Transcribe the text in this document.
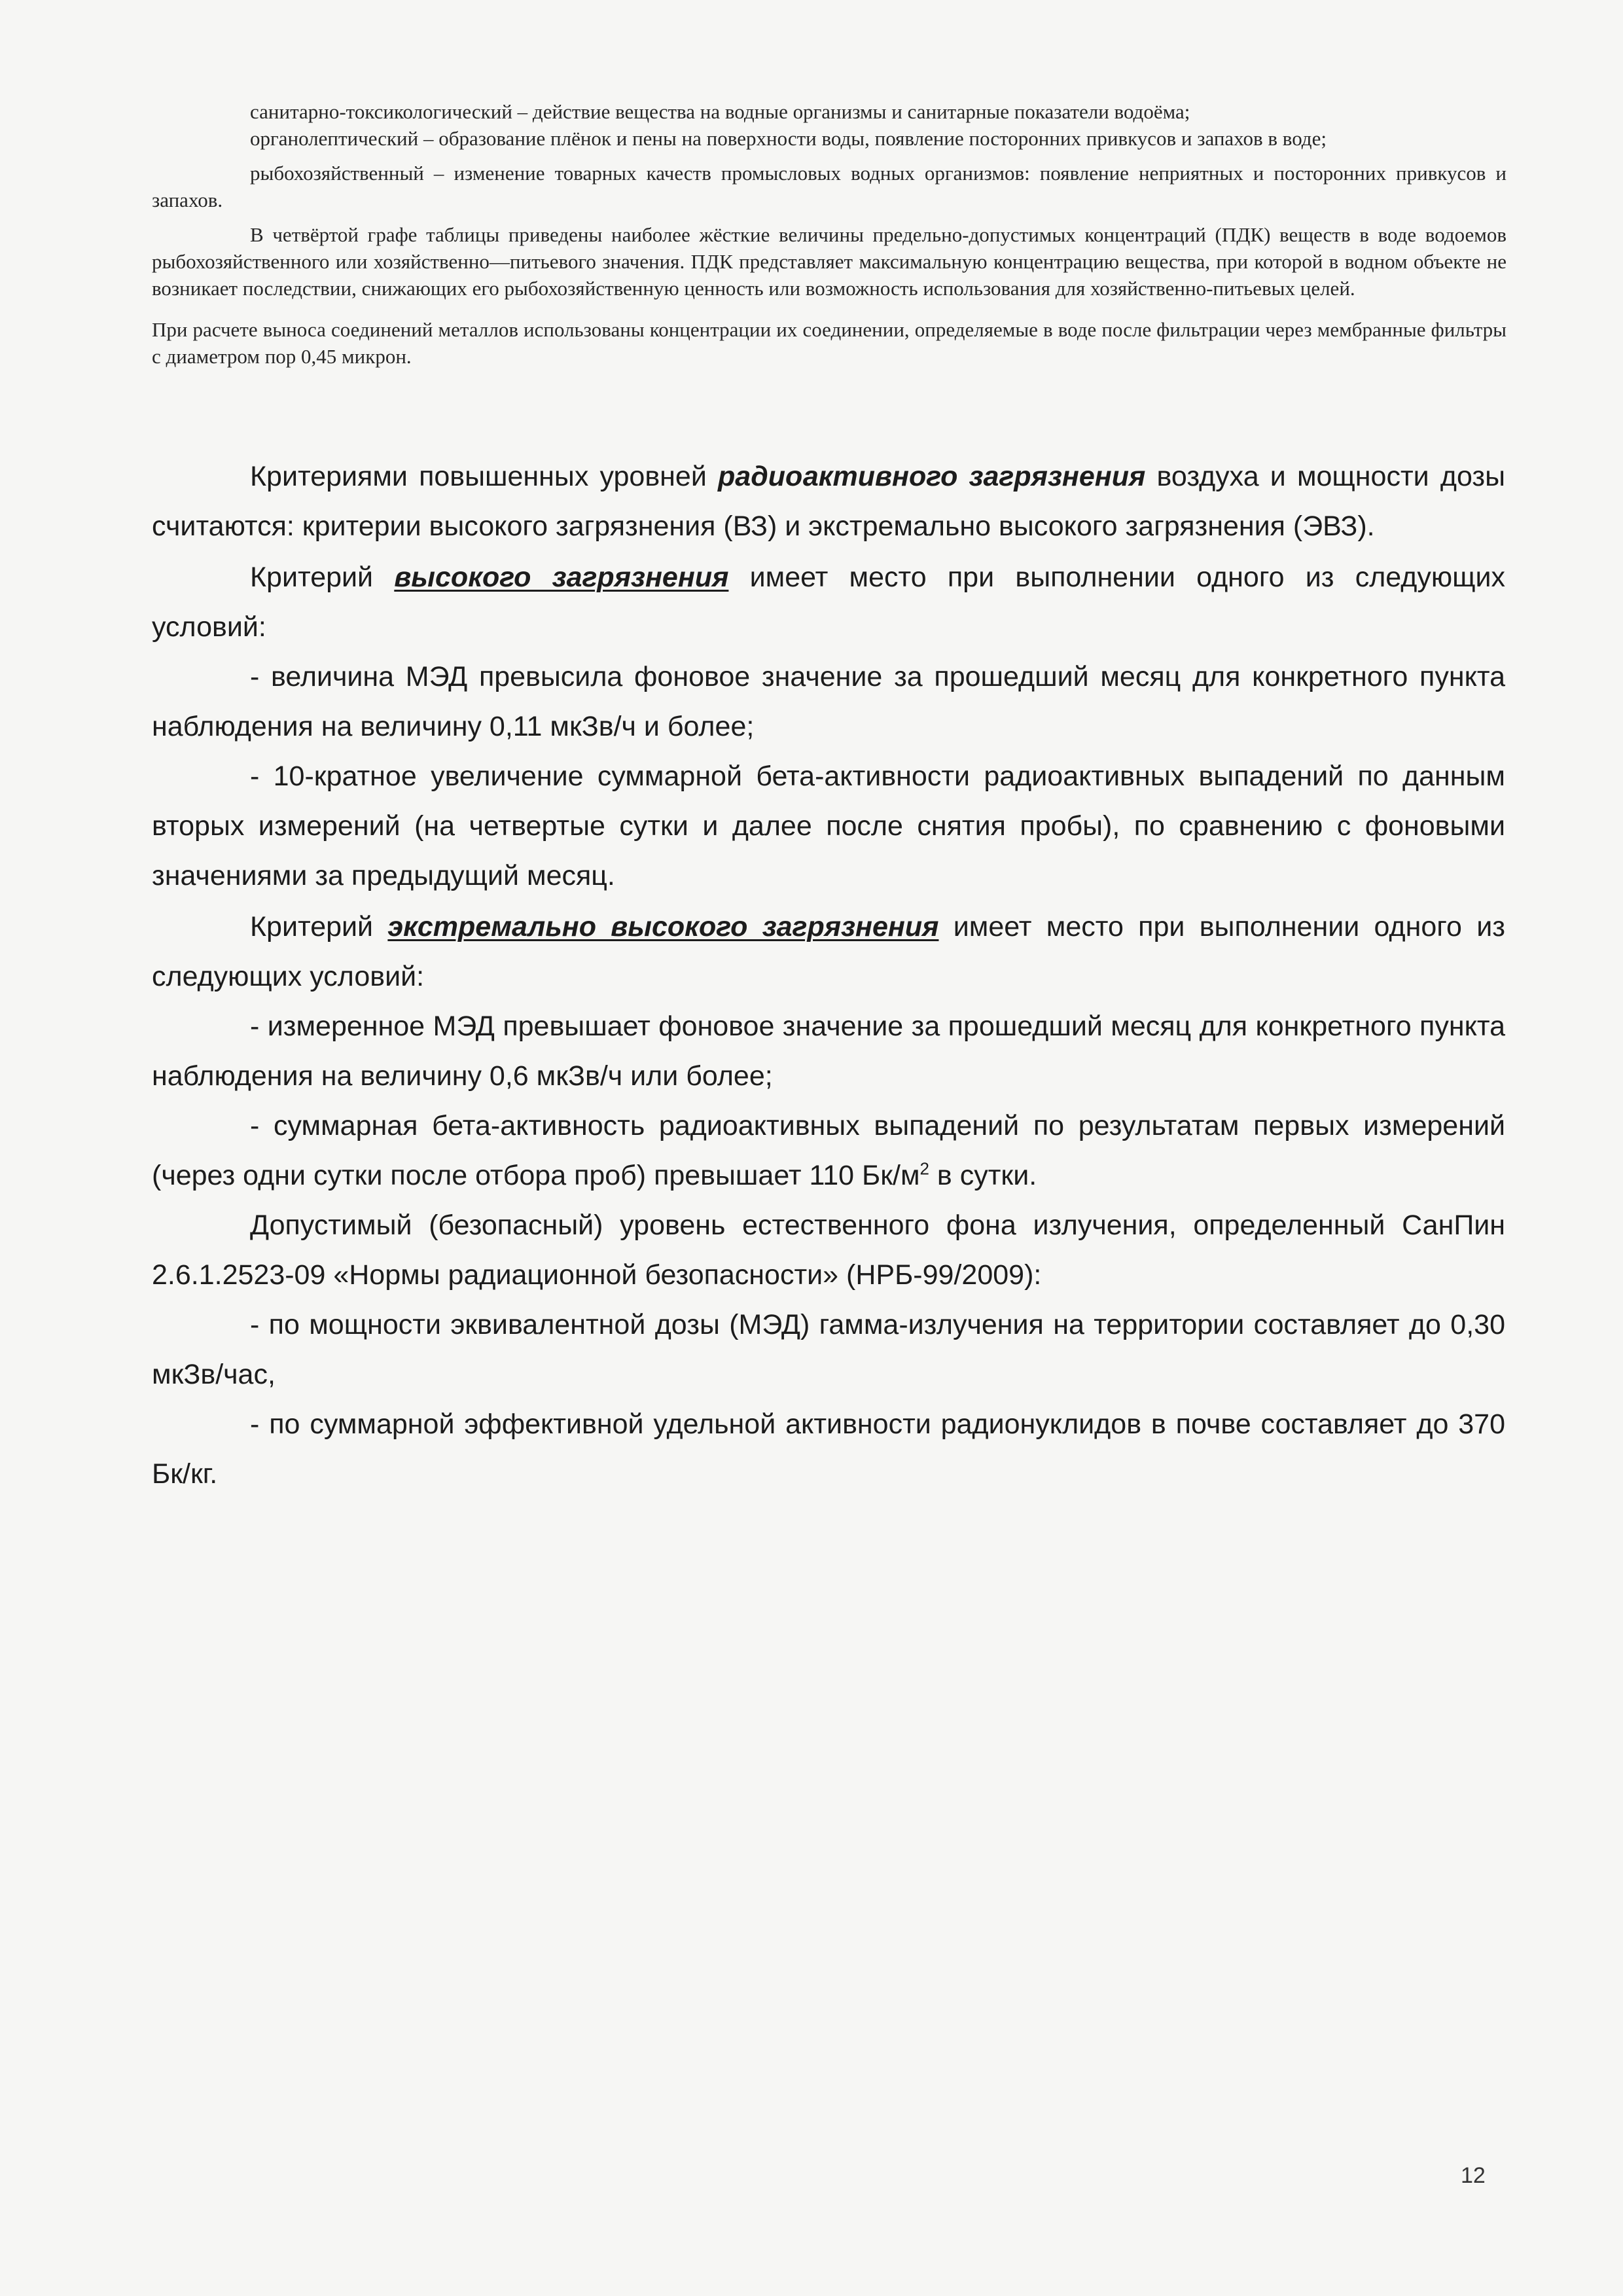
санитарно-токсикологический – действие вещества на водные организмы и санитарные показатели водоёма;

органолептический – образование плёнок и пены на поверхности воды, появление посторонних привкусов и запахов в воде;

рыбохозяйственный – изменение товарных качеств промысловых водных организмов: появление неприятных и посторонних привкусов и запахов.

В четвёртой графе таблицы приведены наиболее жёсткие величины предельно-допустимых концентраций (ПДК) веществ в воде водоемов рыбохозяйственного или хозяйственно—питьевого значения. ПДК представляет максимальную концентрацию вещества, при которой в водном объекте не возникает последствии, снижающих его рыбохозяйственную ценность или возможность использования для хозяйственно-питьевых целей.

При расчете выноса соединений металлов использованы концентрации их соединении, определяемые в воде после фильтрации через мембранные фильтры с диаметром пор 0,45 микрон.

Критериями повышенных уровней радиоактивного загрязнения воздуха и мощности дозы считаются: критерии высокого загрязнения (ВЗ) и экстремально высокого загрязнения (ЭВЗ).

Критерий высокого загрязнения имеет место при выполнении одного из следующих условий:

- величина МЭД превысила фоновое значение за прошедший месяц для конкретного пункта наблюдения на величину 0,11 мкЗв/ч и более;

- 10-кратное увеличение суммарной бета-активности радиоактивных выпадений по данным вторых измерений (на четвертые сутки и далее после снятия пробы), по сравнению с фоновыми значениями за предыдущий месяц.

Критерий экстремально высокого загрязнения имеет место при выполнении одного из следующих условий:

- измеренное МЭД превышает фоновое значение за прошедший месяц для конкретного пункта наблюдения на величину 0,6 мкЗв/ч или более;

- суммарная бета-активность радиоактивных выпадений по результатам первых измерений (через одни сутки после отбора проб) превышает 110 $Бк/м^2$ в сутки.

Допустимый (безопасный) уровень естественного фона излучения, определенный СанПин 2.6.1.2523-09 «Нормы радиационной безопасности» (НРБ-99/2009):

- по мощности эквивалентной дозы (МЭД) гамма-излучения на территории составляет до 0,30 мкЗв/час,

- по суммарной эффективной удельной активности радионуклидов в почве составляет до 370 Бк/кг.

12
